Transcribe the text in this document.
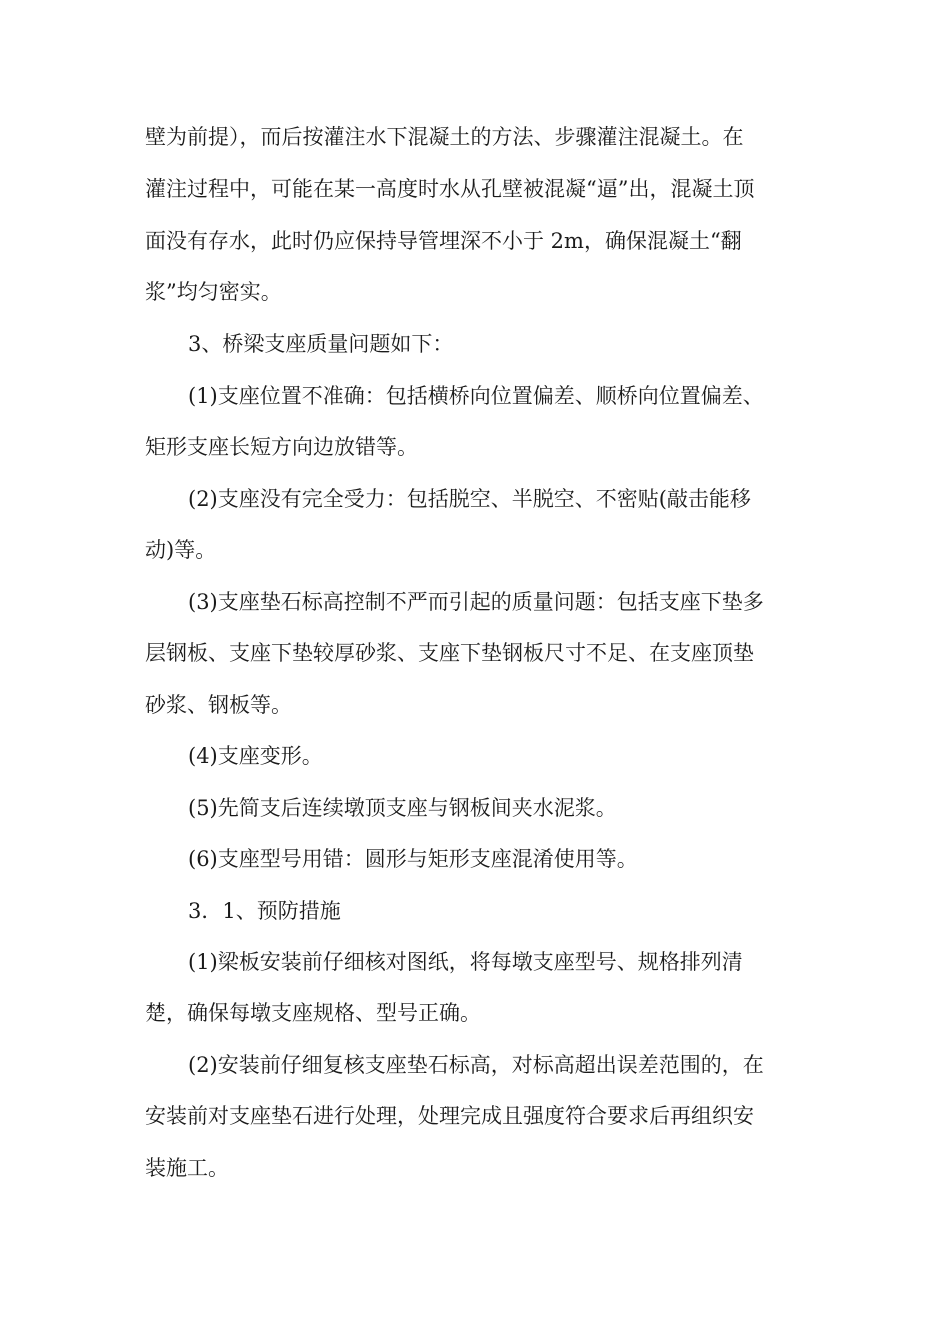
壁为前提），而后按灌注水下混凝土的方法、步骤灌注混凝土。在
灌注过程中，可能在某一高度时水从孔壁被混凝“逼”出，混凝土顶
面没有存水，此时仍应保持导管埋深不小于 2m，确保混凝土“翻
浆”均匀密实。
3、桥梁支座质量问题如下：
(1)支座位置不准确：包括横桥向位置偏差、顺桥向位置偏差、
矩形支座长短方向边放错等。
(2)支座没有完全受力：包括脱空、半脱空、不密贴(敲击能移
动)等。
(3)支座垫石标高控制不严而引起的质量问题：包括支座下垫多
层钢板、支座下垫较厚砂浆、支座下垫钢板尺寸不足、在支座顶垫
砂浆、钢板等。
(4)支座变形。
(5)先简支后连续墩顶支座与钢板间夹水泥浆。
(6)支座型号用错：圆形与矩形支座混淆使用等。
3．1、预防措施
(1)梁板安装前仔细核对图纸，将每墩支座型号、规格排列清
楚，确保每墩支座规格、型号正确。
(2)安装前仔细复核支座垫石标高，对标高超出误差范围的，在
安装前对支座垫石进行处理，处理完成且强度符合要求后再组织安
装施工。
